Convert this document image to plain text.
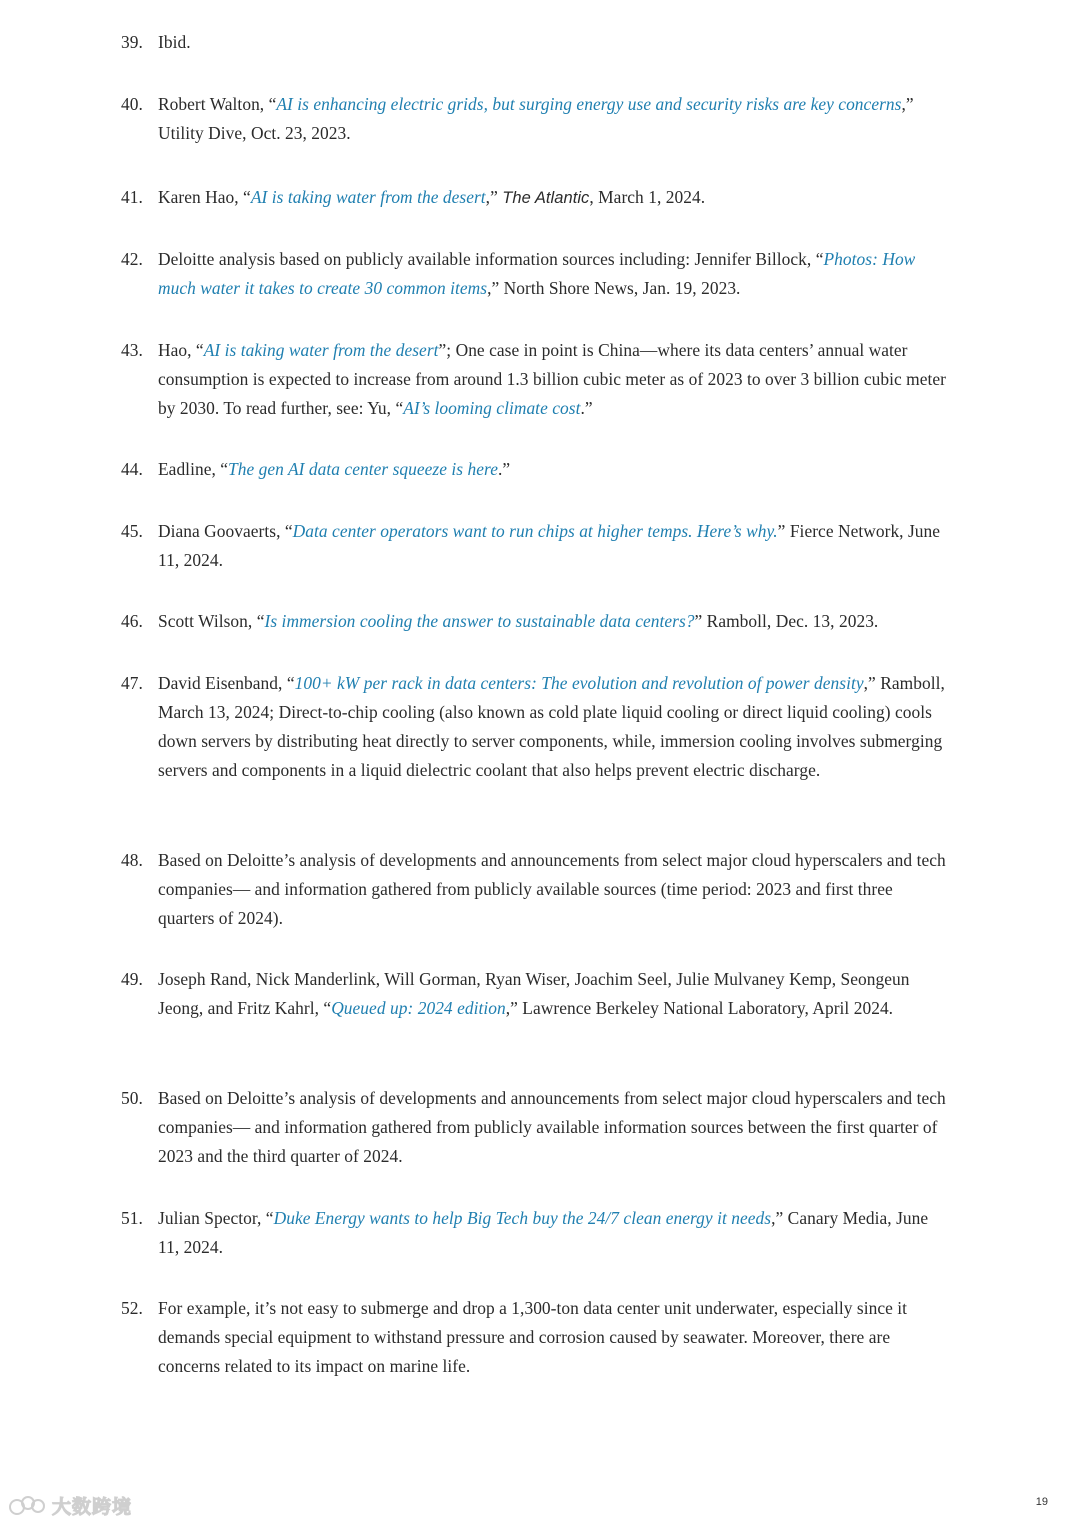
39. Ibid.
40. Robert Walton, “AI is enhancing electric grids, but surging energy use and security risks are key concerns,” Utility Dive, Oct. 23, 2023.
41. Karen Hao, “AI is taking water from the desert,” The Atlantic, March 1, 2024.
42. Deloitte analysis based on publicly available information sources including: Jennifer Billock, “Photos: How much water it takes to create 30 common items,” North Shore News, Jan. 19, 2023.
43. Hao, “AI is taking water from the desert”; One case in point is China—where its data centers’ annual water consumption is expected to increase from around 1.3 billion cubic meter as of 2023 to over 3 billion cubic meter by 2030. To read further, see: Yu, “AI’s looming climate cost.”
44. Eadline, “The gen AI data center squeeze is here.”
45. Diana Goovaerts, “Data center operators want to run chips at higher temps. Here’s why.” Fierce Network, June 11, 2024.
46. Scott Wilson, “Is immersion cooling the answer to sustainable data centers?” Ramboll, Dec. 13, 2023.
47. David Eisenband, “100+ kW per rack in data centers: The evolution and revolution of power density,” Ramboll, March 13, 2024; Direct-to-chip cooling (also known as cold plate liquid cooling or direct liquid cooling) cools down servers by distributing heat directly to server components, while, immersion cooling involves submerging servers and components in a liquid dielectric coolant that also helps prevent electric discharge.
48. Based on Deloitte’s analysis of developments and announcements from select major cloud hyperscalers and tech companies— and information gathered from publicly available sources (time period: 2023 and first three quarters of 2024).
49. Joseph Rand, Nick Manderlink, Will Gorman, Ryan Wiser, Joachim Seel, Julie Mulvaney Kemp, Seongeun Jeong, and Fritz Kahrl, “Queued up: 2024 edition,” Lawrence Berkeley National Laboratory, April 2024.
50. Based on Deloitte’s analysis of developments and announcements from select major cloud hyperscalers and tech companies— and information gathered from publicly available information sources between the first quarter of 2023 and the third quarter of 2024.
51. Julian Spector, “Duke Energy wants to help Big Tech buy the 24/7 clean energy it needs,” Canary Media, June 11, 2024.
52. For example, it’s not easy to submerge and drop a 1,300-ton data center unit underwater, especially since it demands special equipment to withstand pressure and corrosion caused by seawater. Moreover, there are concerns related to its impact on marine life.
大数跨境	19
